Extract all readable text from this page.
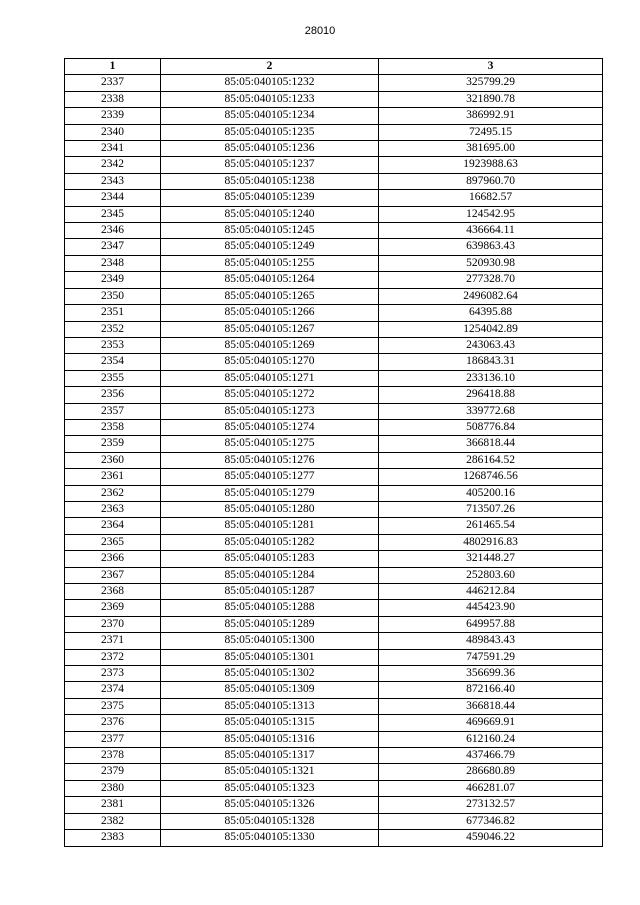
28010
1	2	3
2337	85:05:040105:1232	325799.29
2338	85:05:040105:1233	321890.78
2339	85:05:040105:1234	386992.91
2340	85:05:040105:1235	72495.15
2341	85:05:040105:1236	381695.00
2342	85:05:040105:1237	1923988.63
2343	85:05:040105:1238	897960.70
2344	85:05:040105:1239	16682.57
2345	85:05:040105:1240	124542.95
2346	85:05:040105:1245	436664.11
2347	85:05:040105:1249	639863.43
2348	85:05:040105:1255	520930.98
2349	85:05:040105:1264	277328.70
2350	85:05:040105:1265	2496082.64
2351	85:05:040105:1266	64395.88
2352	85:05:040105:1267	1254042.89
2353	85:05:040105:1269	243063.43
2354	85:05:040105:1270	186843.31
2355	85:05:040105:1271	233136.10
2356	85:05:040105:1272	296418.88
2357	85:05:040105:1273	339772.68
2358	85:05:040105:1274	508776.84
2359	85:05:040105:1275	366818.44
2360	85:05:040105:1276	286164.52
2361	85:05:040105:1277	1268746.56
2362	85:05:040105:1279	405200.16
2363	85:05:040105:1280	713507.26
2364	85:05:040105:1281	261465.54
2365	85:05:040105:1282	4802916.83
2366	85:05:040105:1283	321448.27
2367	85:05:040105:1284	252803.60
2368	85:05:040105:1287	446212.84
2369	85:05:040105:1288	445423.90
2370	85:05:040105:1289	649957.88
2371	85:05:040105:1300	489843.43
2372	85:05:040105:1301	747591.29
2373	85:05:040105:1302	356699.36
2374	85:05:040105:1309	872166.40
2375	85:05:040105:1313	366818.44
2376	85:05:040105:1315	469669.91
2377	85:05:040105:1316	612160.24
2378	85:05:040105:1317	437466.79
2379	85:05:040105:1321	286680.89
2380	85:05:040105:1323	466281.07
2381	85:05:040105:1326	273132.57
2382	85:05:040105:1328	677346.82
2383	85:05:040105:1330	459046.22
